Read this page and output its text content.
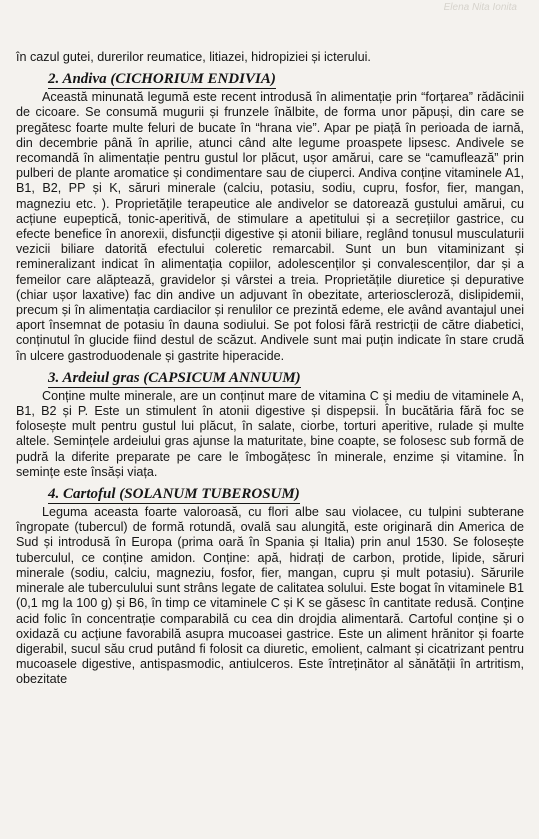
Elena Nita Ionita

în cazul gutei, durerilor reumatice, litiazei, hidropiziei și icterului.

2. Andiva (CICHORIUM ENDIVIA)

Această minunată legumă este recent introdusă în alimentație prin “forțarea” rădăcinii de cicoare. Se consumă mugurii și frunzele înălbite, de forma unor păpuși, din care se pregătesc foarte multe feluri de bucate în “hrana vie”. Apar pe piață în perioada de iarnă, din decembrie până în aprilie, atunci când alte legume proaspete lipsesc. Andivele se recomandă în alimentație pentru gustul lor plăcut, ușor amărui, care se “camuflează” prin pulberi de plante aromatice și condimentare sau de ciuperci. Andiva conține vitaminele A1, B1, B2, PP și K, săruri minerale (calciu, potasiu, sodiu, cupru, fosfor, fier, mangan, magneziu etc. ). Proprietățile terapeutice ale andivelor se datorează gustului amărui, cu acțiune eupeptică, tonic-aperitivă, de stimulare a apetitului și a secrețiilor gastrice, cu efecte benefice în anorexii, disfuncții digestive și atonii biliare, reglând tonusul musculaturii vezicii biliare datorită efectului coleretic remarcabil. Sunt un bun vitaminizant și remineralizant indicat în alimentația copiilor, adolescenților și convalescenților, dar și a femeilor care alăptează, gravidelor și vârstei a treia. Proprietățile diuretice și depurative (chiar ușor laxative) fac din andive un adjuvant în obezitate, arterioscleroză, dislipidemii, precum și în alimentația cardiacilor și renulilor ce prezintă edeme, ele având avantajul unei aport însemnat de potasiu în dauna sodiului. Se pot folosi fără restricții de către diabetici, conținutul în glucide fiind destul de scăzut. Andivele sunt mai puțin indicate în stare crudă în ulcere gastroduodenale și gastrite hiperacide.

3. Ardeiul gras (CAPSICUM ANNUUM)

Conține multe minerale, are un conținut mare de vitamina C și mediu de vitaminele A, B1, B2 și P. Este un stimulent în atonii digestive și dispepsii. În bucătăria fără foc se folosește mult pentru gustul lui plăcut, în salate, ciorbe, torturi aperitive, rulade și multe altele. Semințele ardeiului gras ajunse la maturitate, bine coapte, se folosesc sub formă de pudră la diferite preparate pe care le îmbogățesc în minerale, enzime și vitamine. În semințe este însăși viața.

4. Cartoful (SOLANUM TUBEROSUM)

Leguma aceasta foarte valoroasă, cu flori albe sau violacee, cu tulpini subterane îngropate (tubercul) de formă rotundă, ovală sau alungită, este originară din America de Sud și introdusă în Europa (prima oară în Spania și Italia) prin anul 1530. Se folosește tuberculul, ce conține amidon. Conține: apă, hidrați de carbon, protide, lipide, săruri minerale (sodiu, calciu, magneziu, fosfor, fier, mangan, cupru și mult potasiu). Sărurile minerale ale tuberculului sunt strâns legate de calitatea solului. Este bogat în vitaminele B1 (0,1 mg la 100 g) și B6, în timp ce vitaminele C și K se găsesc în cantitate redusă. Conține acid folic în concentrație comparabilă cu cea din drojdia alimentară. Cartoful conține și o oxidază cu acțiune favorabilă asupra mucoasei gastrice. Este un aliment hrănitor și foarte digerabil, sucul său crud putând fi folosit ca diuretic, emolient, calmant și cicatrizant pentru mucoasele digestive, antispasmodic, antiulceros. Este întreținător al sănătății în artritism, obezitate
